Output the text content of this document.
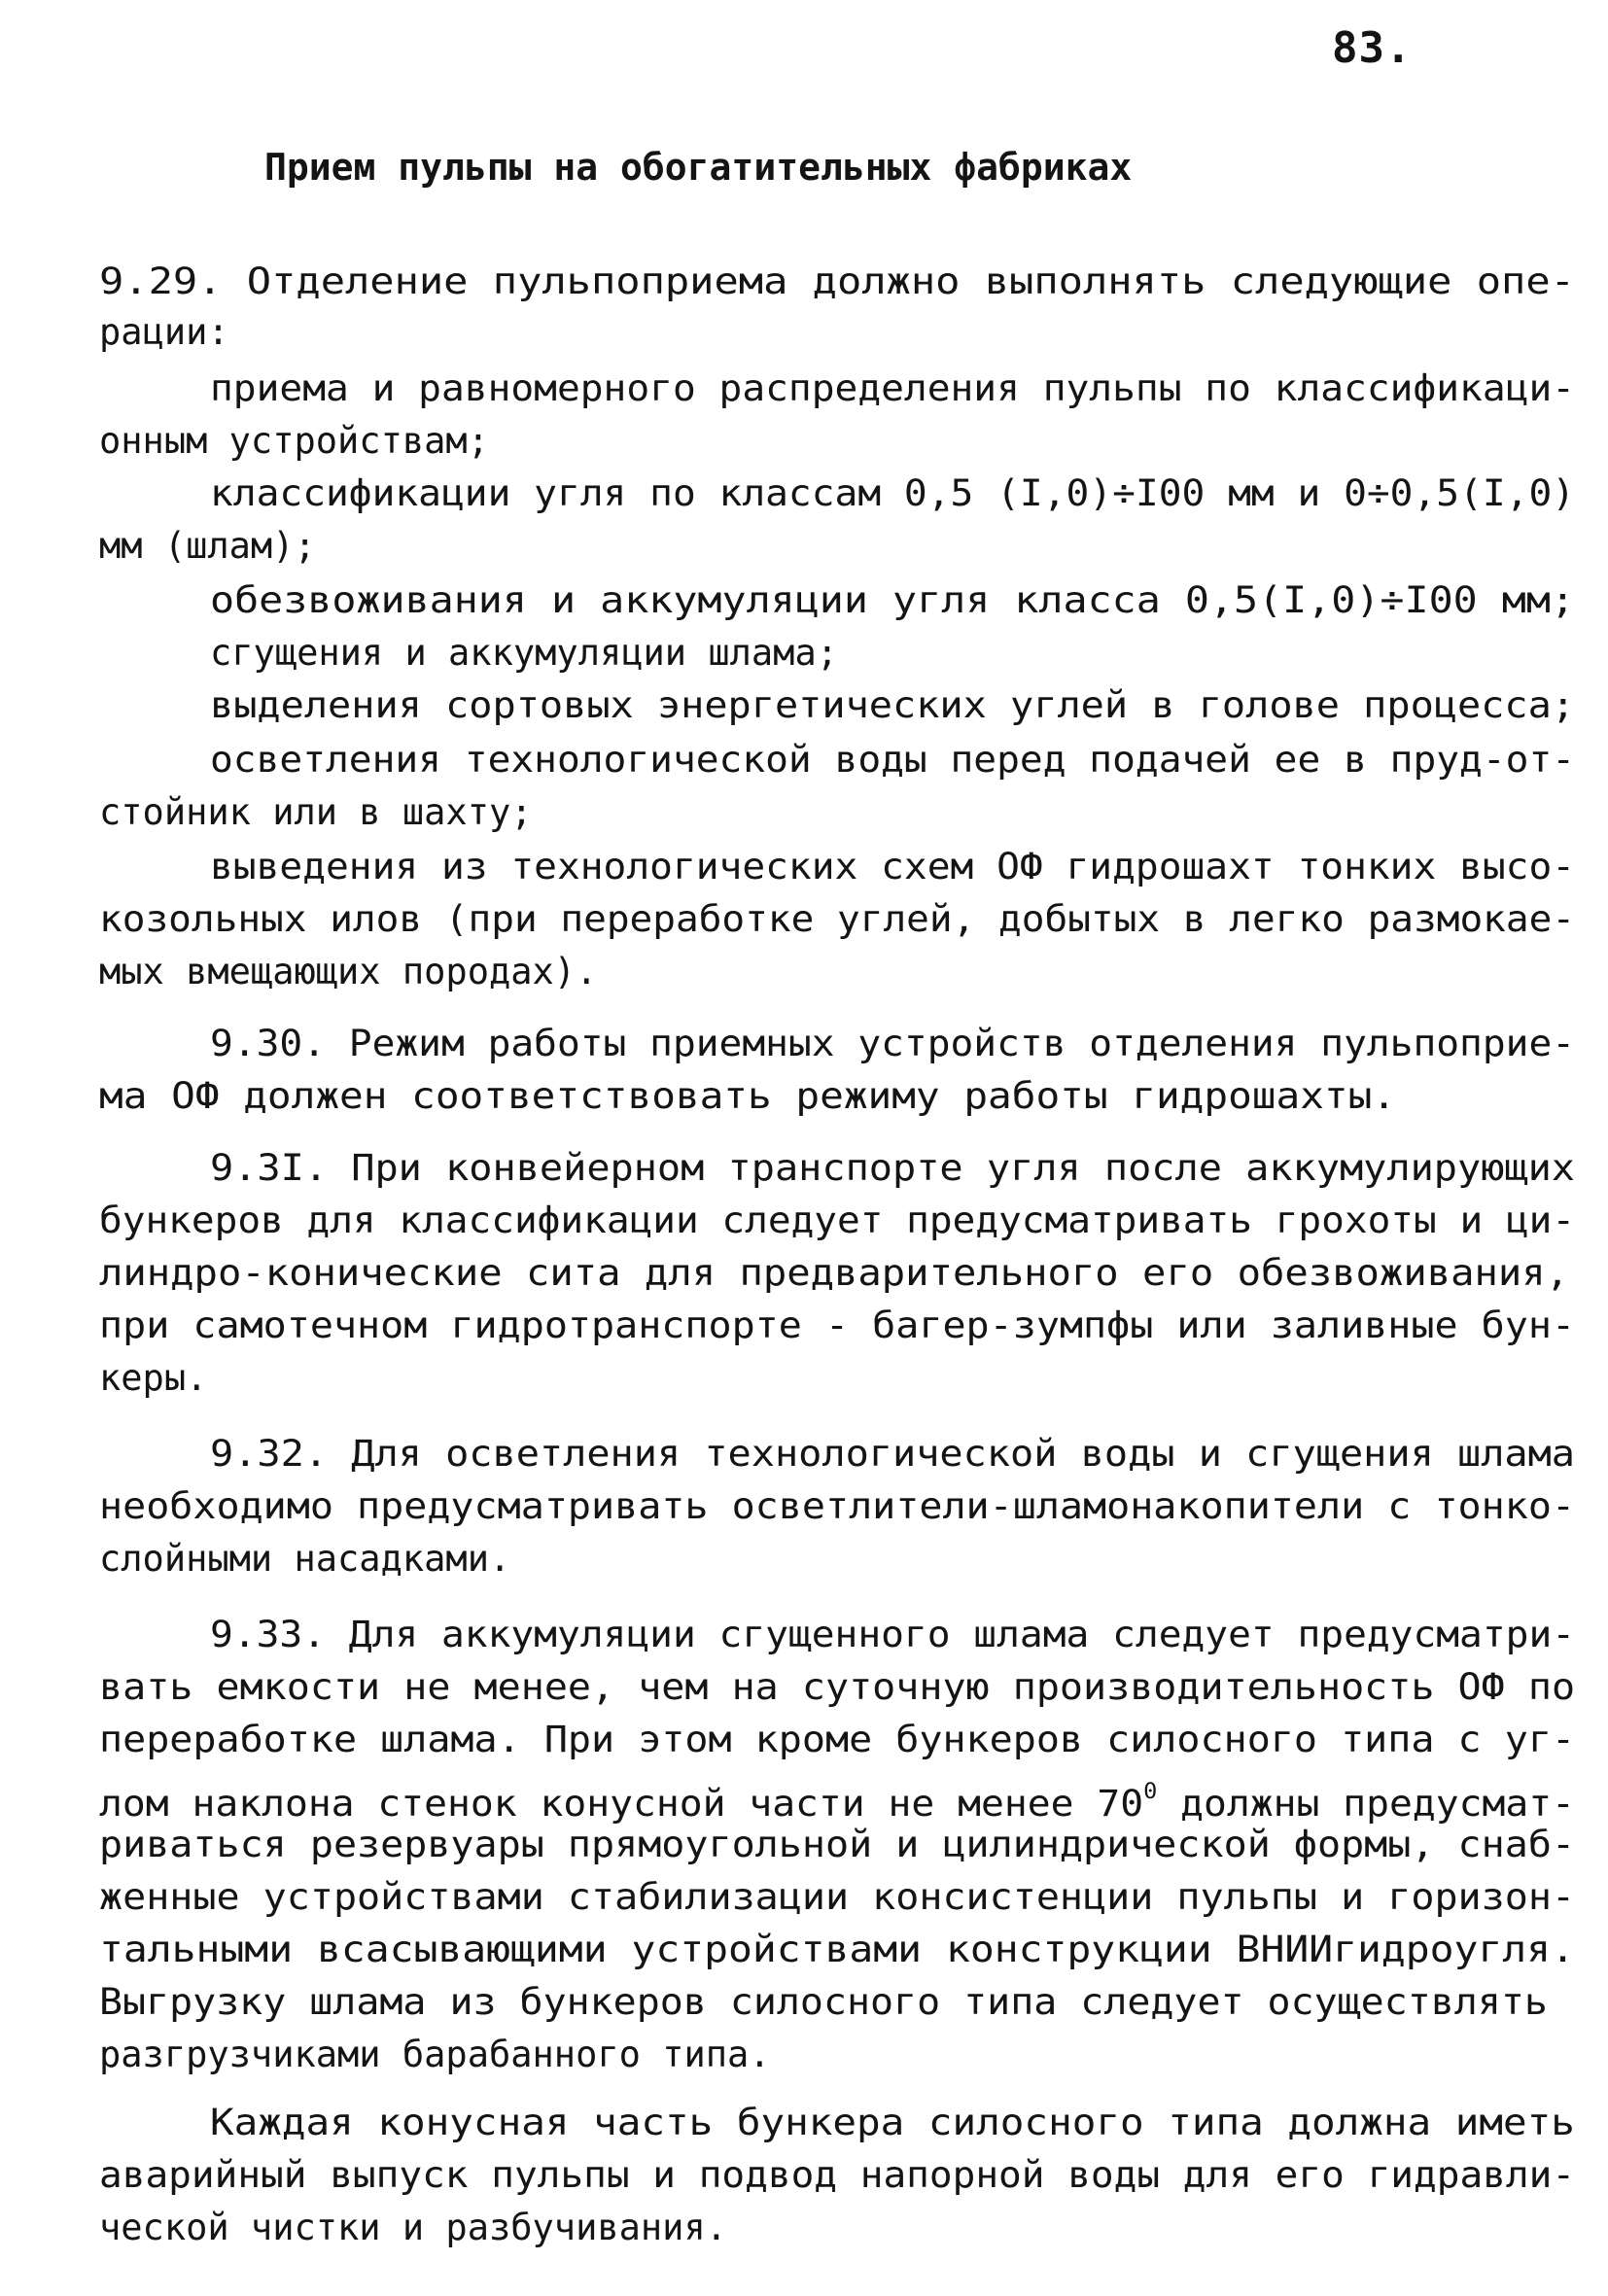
83.
Прием пульпы на обогатительных фабриках
9.29. Отделение пульпоприема должно выполнять следующие опе-
рации:
приема и равномерного распределения пульпы по классификаци-
онным устройствам;
классификации угля по классам 0,5 (I,0)÷I00 мм и 0÷0,5(I,0)
мм (шлам);
обезвоживания и аккумуляции угля класса 0,5(I,0)÷I00 мм;
сгущения и аккумуляции шлама;
выделения сортовых энергетических углей в голове процесса;
осветления технологической воды перед подачей ее в пруд-от-
стойник или в шахту;
выведения из технологических схем ОФ гидрошахт тонких высо-
козольных илов (при переработке углей, добытых в легко размокае-
мых вмещающих породах).
9.30. Режим работы приемных устройств отделения пульпоприе-
ма ОФ должен соответствовать режиму работы гидрошахты.
9.3I. При конвейерном транспорте угля после аккумулирующих
бункеров для классификации следует предусматривать грохоты и ци-
линдро-конические сита для предварительного его обезвоживания,
при самотечном гидротранспорте - багер-зумпфы или заливные бун-
керы.
9.32. Для осветления технологической воды и сгущения шлама
необходимо предусматривать осветлители-шламонакопители с тонко-
слойными насадками.
9.33. Для аккумуляции сгущенного шлама следует предусматри-
вать емкости не менее, чем на суточную производительность ОФ по
переработке шлама. При этом кроме бункеров силосного типа с уг-
лом наклона стенок конусной части не менее $70^0$ должны предусмат-
риваться резервуары прямоугольной и цилиндрической формы, снаб-
женные устройствами стабилизации консистенции пульпы и горизон-
тальными всасывающими устройствами конструкции ВНИИгидроугля.
Выгрузку шлама из бункеров силосного типа следует осуществлять
разгрузчиками барабанного типа.
Каждая конусная часть бункера силосного типа должна иметь
аварийный выпуск пульпы и подвод напорной воды для его гидравли-
ческой чистки и разбучивания.
